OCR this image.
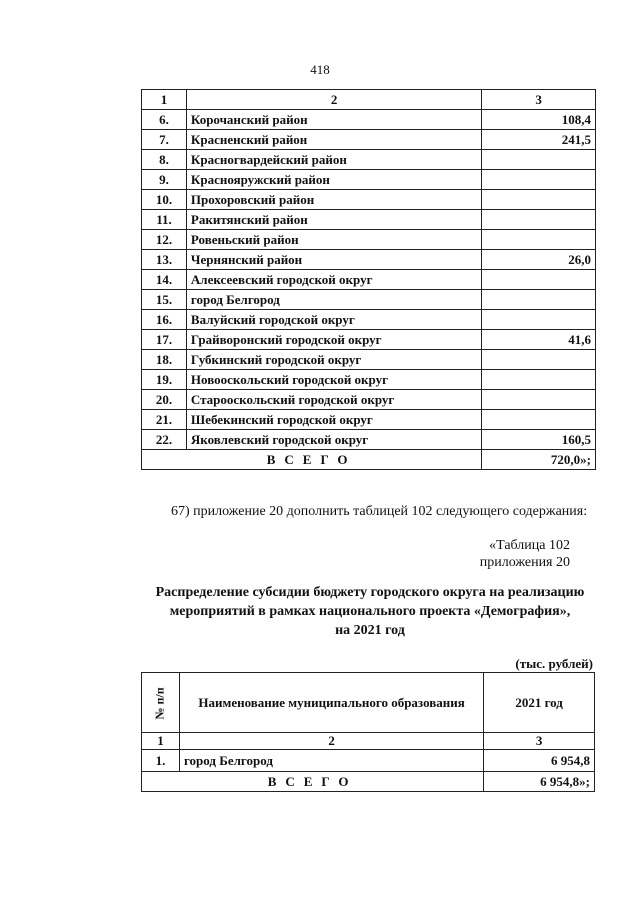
418
1	2	3
6.	Корочанский район	108,4
7.	Красненский район	241,5
8.	Красногвардейский район	
9.	Краснояружский район	
10.	Прохоровский район	
11.	Ракитянский район	
12.	Ровеньский район	
13.	Чернянский район	26,0
14.	Алексеевский городской округ	
15.	город Белгород	
16.	Валуйский городской округ	
17.	Грайворонский городской округ	41,6
18.	Губкинский городской округ	
19.	Новооскольский городской округ	
20.	Старооскольский городской округ	
21.	Шебекинский городской округ	
22.	Яковлевский городской округ	160,5
ВСЕГО		720,0»;
67) приложение 20 дополнить таблицей 102 следующего содержания:
«Таблица 102
приложения 20
Распределение субсидии бюджету городского округа на реализацию
мероприятий в рамках национального проекта «Демография»,
на 2021 год
(тыс. рублей)
№ п/п	Наименование муниципального образования	2021 год
1	2	3
1.	город Белгород	6 954,8
ВСЕГО		6 954,8»;
